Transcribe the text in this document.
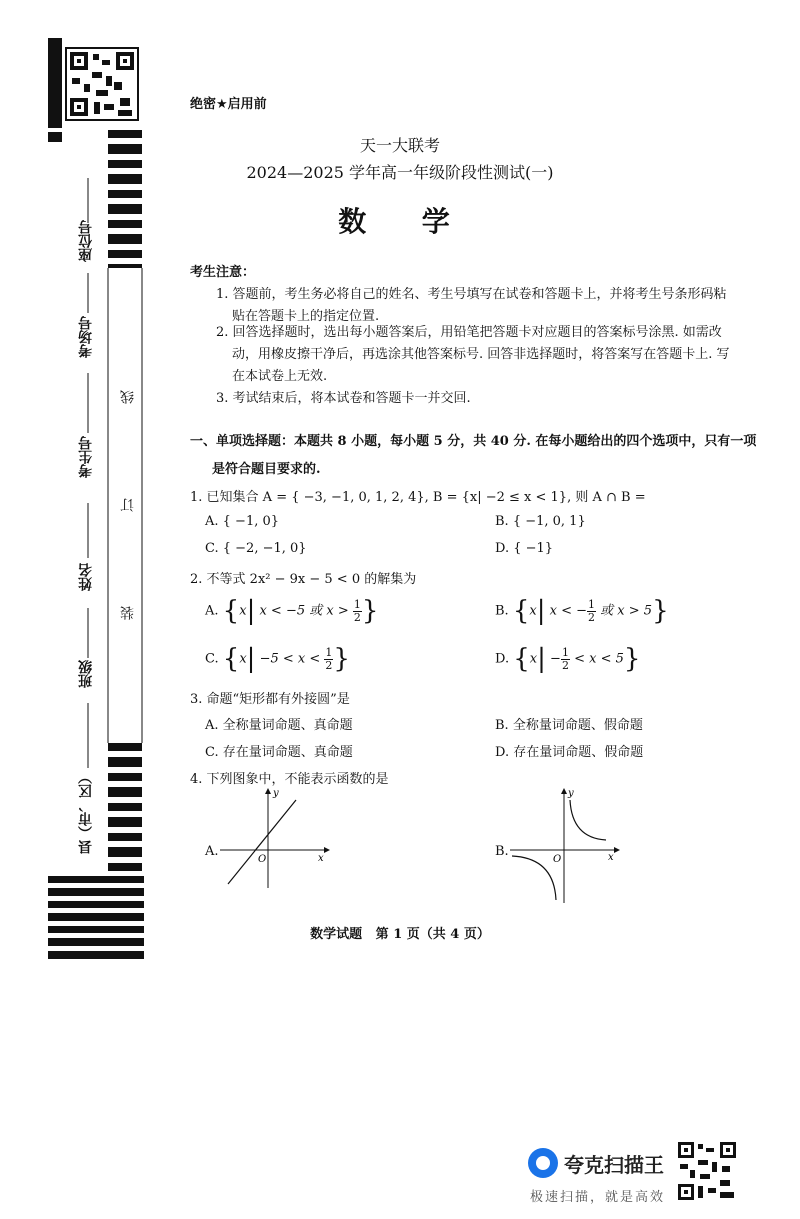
座位号
考场号
考生号
姓名
班级
县（市、区）
线
订
装
绝密★启用前
天一大联考
2024—2025 学年高一年级阶段性测试(一)
数  学
考生注意：
1. 答题前，考生务必将自己的姓名、考生号填写在试卷和答题卡上，并将考生号条形码粘
贴在答题卡上的指定位置.
2. 回答选择题时，选出每小题答案后，用铅笔把答题卡对应题目的答案标号涂黑. 如需改
动，用橡皮擦干净后，再选涂其他答案标号. 回答非选择题时，将答案写在答题卡上. 写
在本试卷上无效.
3. 考试结束后，将本试卷和答题卡一并交回.
一、单项选择题：本题共 8 小题，每小题 5 分，共 40 分. 在每小题给出的四个选项中，只有一项
是符合题目要求的.
1. 已知集合 A = { −3, −1, 0, 1, 2, 4}, B = {x| −2 ≤ x < 1}, 则 A ∩ B =
A. { −1, 0}	B. { −1, 0, 1}
C. { −2, −1, 0}	D. { −1}
2. 不等式 2x² − 9x − 5 < 0 的解集为
A. {x| x < −5 或 $x > \frac{1}{2}$ }	B. {x| x < − $\frac{1}{2}$ 或 x > 5}
C. {$x| -5 < x < \frac{1}{2}$ }	D. $\{x| - \frac{1}{2} < x < 5\}$
3. 命题“矩形都有外接圆”是
A. 全称量词命题、真命题	B. 全称量词命题、假命题
C. 存在量词命题、真命题	D. 存在量词命题、假命题
4. 下列图象中，不能表示函数的是
A.
y
x
O
B.
y
x
O
数学试题   第 1 页（共 4 页）
夸克扫描王
极速扫描，就是高效
